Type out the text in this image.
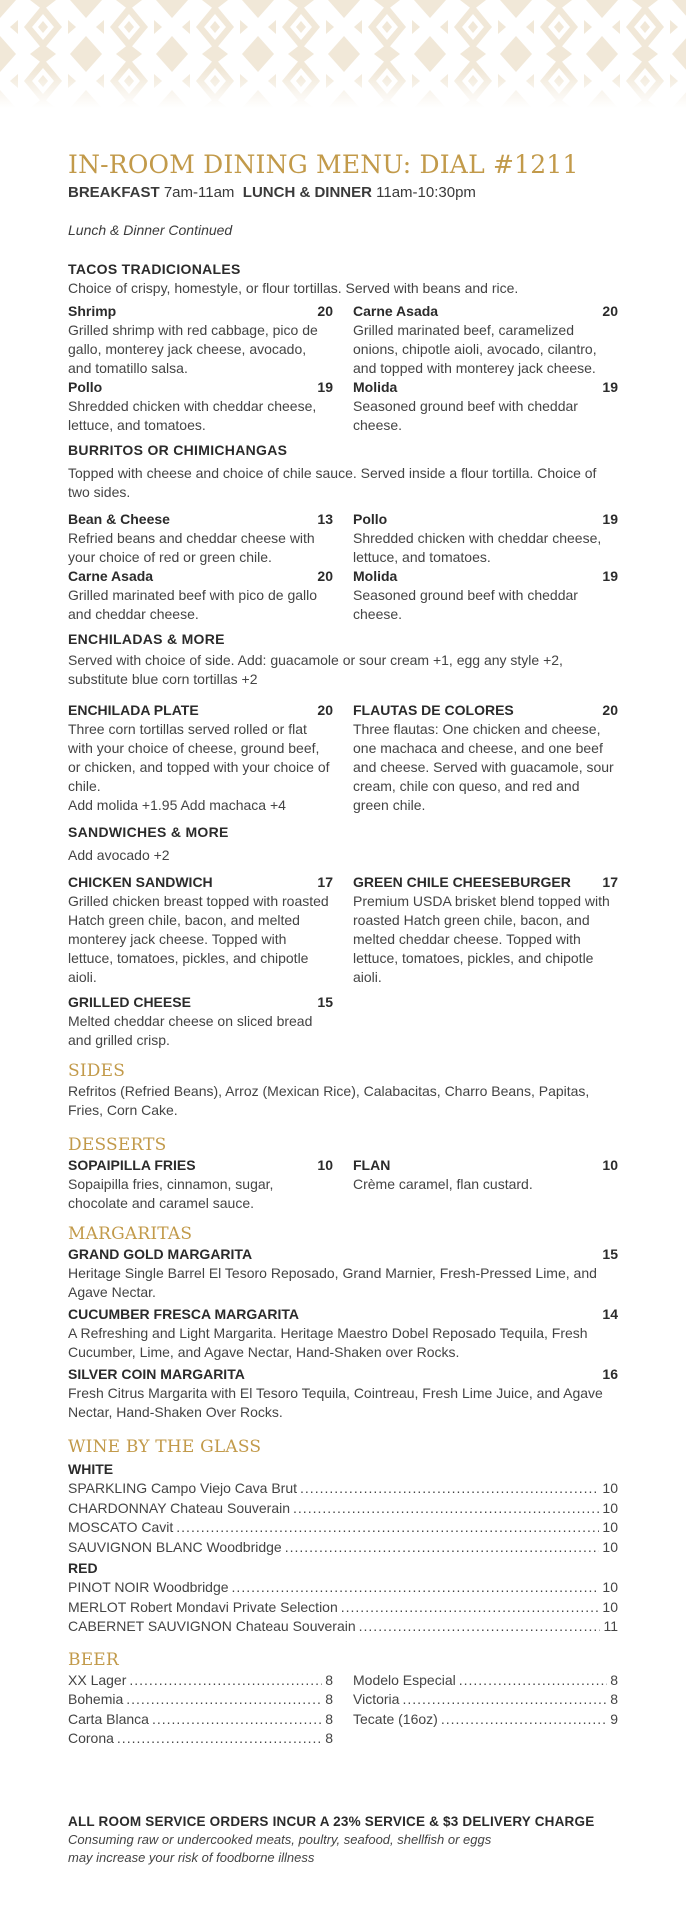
IN-ROOM DINING MENU: DIAL #1211
BREAKFAST 7am-11am LUNCH & DINNER 11am-10:30pm
Lunch & Dinner Continued
TACOS TRADICIONALES
Choice of crispy, homestyle, or flour tortillas. Served with beans and rice.
Shrimp	20
Grilled shrimp with red cabbage, pico de gallo, monterey jack cheese, avocado, and tomatillo salsa.
Carne Asada	20
Grilled marinated beef, caramelized onions, chipotle aioli, avocado, cilantro, and topped with monterey jack cheese.
Pollo	19
Shredded chicken with cheddar cheese, lettuce, and tomatoes.
Molida	19
Seasoned ground beef with cheddar cheese.
BURRITOS OR CHIMICHANGAS
Topped with cheese and choice of chile sauce. Served inside a flour tortilla. Choice of two sides.
Bean & Cheese	13
Refried beans and cheddar cheese with your choice of red or green chile.
Pollo	19
Shredded chicken with cheddar cheese, lettuce, and tomatoes.
Carne Asada	20
Grilled marinated beef with pico de gallo and cheddar cheese.
Molida	19
Seasoned ground beef with cheddar cheese.
ENCHILADAS & MORE
Served with choice of side. Add: guacamole or sour cream +1, egg any style +2, substitute blue corn tortillas +2
ENCHILADA PLATE	20
Three corn tortillas served rolled or flat with your choice of cheese, ground beef, or chicken, and topped with your choice of chile.
Add molida +1.95 Add machaca +4
FLAUTAS DE COLORES	20
Three flautas: One chicken and cheese, one machaca and cheese, and one beef and cheese. Served with guacamole, sour cream, chile con queso, and red and green chile.
SANDWICHES & MORE
Add avocado +2
CHICKEN SANDWICH	17
Grilled chicken breast topped with roasted Hatch green chile, bacon, and melted monterey jack cheese. Topped with lettuce, tomatoes, pickles, and chipotle aioli.
GREEN CHILE CHEESEBURGER 17
Premium USDA brisket blend topped with roasted Hatch green chile, bacon, and melted cheddar cheese. Topped with lettuce, tomatoes, pickles, and chipotle aioli.
GRILLED CHEESE	15
Melted cheddar cheese on sliced bread and grilled crisp.
SIDES
Refritos (Refried Beans), Arroz (Mexican Rice), Calabacitas, Charro Beans, Papitas, Fries, Corn Cake.
DESSERTS
SOPAIPILLA FRIES	10
Sopaipilla fries, cinnamon, sugar, chocolate and caramel sauce.
FLAN	10
Crème caramel, flan custard.
MARGARITAS
GRAND GOLD MARGARITA	15
Heritage Single Barrel El Tesoro Reposado, Grand Marnier, Fresh-Pressed Lime, and Agave Nectar.
CUCUMBER FRESCA MARGARITA	14
A Refreshing and Light Margarita. Heritage Maestro Dobel Reposado Tequila, Fresh Cucumber, Lime, and Agave Nectar, Hand-Shaken over Rocks.
SILVER COIN MARGARITA	16
Fresh Citrus Margarita with El Tesoro Tequila, Cointreau, Fresh Lime Juice, and Agave Nectar, Hand-Shaken Over Rocks.
WINE BY THE GLASS
WHITE
SPARKLING Campo Viejo Cava Brut .....	10
CHARDONNAY Chateau Souverain .....	10
MOSCATO Cavit .....	10
SAUVIGNON BLANC Woodbridge .....	10
RED
PINOT NOIR Woodbridge .....	10
MERLOT Robert Mondavi Private Selection .....	10
CABERNET SAUVIGNON Chateau Souverain .....	11
BEER
XX Lager .....	8
Bohemia .....	8
Carta Blanca .....	8
Corona .....	8
Modelo Especial .....	8
Victoria .....	8
Tecate (16oz) .....	9
ALL ROOM SERVICE ORDERS INCUR A 23% SERVICE & $3 DELIVERY CHARGE
Consuming raw or undercooked meats, poultry, seafood, shellfish or eggs
may increase your risk of foodborne illness
